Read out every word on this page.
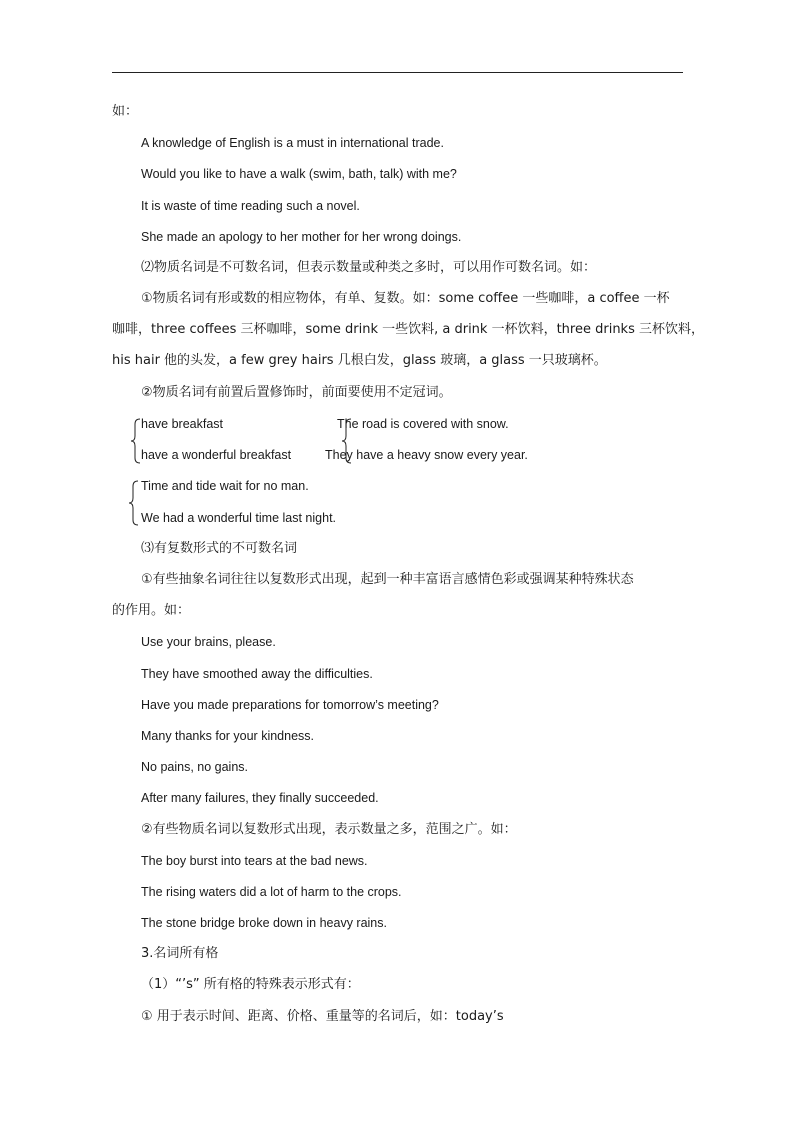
如：
A knowledge of English is a must in international trade.
Would you like to have a walk (swim, bath, talk) with me?
It is waste of time reading such a novel.
She made an apology to her mother for her wrong doings.
⑵物质名词是不可数名词，但表示数量或种类之多时，可以用作可数名词。如：
①物质名词有形或数的相应物体，有单、复数。如：some coffee 一些咖啡，a coffee 一杯
咖啡，three coffees 三杯咖啡，some drink 一些饮料, a drink 一杯饮料，three drinks 三杯饮料，
his hair 他的头发，a few grey hairs 几根白发，glass 玻璃，a glass 一只玻璃杯。
②物质名词有前置后置修饰时，前面要使用不定冠词。
have breakfast	The road is covered with snow.
have a wonderful breakfast	They have a heavy snow every year.
Time and tide wait for no man.
We had a wonderful time last night.
⑶有复数形式的不可数名词
①有些抽象名词往往以复数形式出现，起到一种丰富语言感情色彩或强调某种特殊状态
的作用。如：
Use your brains, please.
They have smoothed away the difficulties.
Have you made preparations for tomorrow’s meeting?
Many thanks for your kindness.
No pains, no gains.
After many failures, they finally succeeded.
②有些物质名词以复数形式出现，表示数量之多，范围之广。如：
The boy burst into tears at the bad news.
The rising waters did a lot of harm to the crops.
The stone bridge broke down in heavy rains.
3.名词所有格
（1）“’s” 所有格的特殊表示形式有：
① 用于表示时间、距离、价格、重量等的名词后，如：today’s
